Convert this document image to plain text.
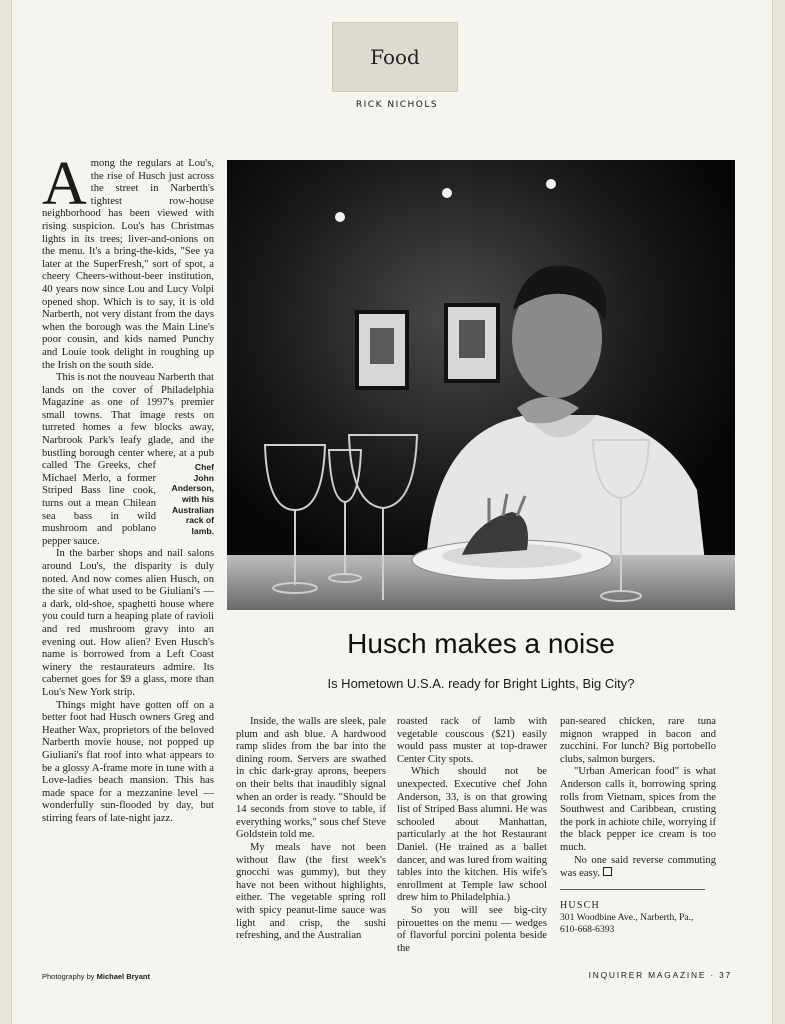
Food
RICK NICHOLS

Among the regulars at Lou's, the rise of Husch just across the street in Narberth's tightest row-house neighborhood has been viewed with rising suspicion. Lou's has Christmas lights in its trees; liver-and-onions on the menu. It's a bring-the-kids, "See ya later at the SuperFresh," sort of spot, a cheery Cheers-without-beer institution, 40 years now since Lou and Lucy Volpi opened shop. Which is to say, it is old Narberth, not very distant from the days when the borough was the Main Line's poor cousin, and kids named Punchy and Louie took delight in roughing up the Irish on the south side.

This is not the nouveau Narberth that lands on the cover of Philadelphia Magazine as one of 1997's premier small towns. That image rests on turreted homes a few blocks away, Narbrook Park's leafy glade, and the bustling borough center where, at a pub
Chef John Anderson, with his Australian rack of lamb.
called The Greeks, chef Michael Merlo, a former Striped Bass line cook, turns out a mean Chilean sea bass in wild mushroom and poblano pepper sauce.

In the barber shops and nail salons around Lou's, the disparity is duly noted. And now comes alien Husch, on the site of what used to be Giuliani's — a dark, old-shoe, spaghetti house where you could turn a heaping plate of ravioli and red mushroom gravy into an evening out. How alien? Even Husch's name is borrowed from a Left Coast winery the restaurateurs admire. Its cabernet goes for $9 a glass, more than Lou's New York strip.

Things might have gotten off on a better foot had Husch owners Greg and Heather Wax, proprietors of the beloved Narberth movie house, not popped up Giuliani's flat roof into what appears to be a glossy A-frame more in tune with a Love-ladies beach mansion. This has made space for a mezzanine level — wonderfully sun-flooded by day, but stirring fears of late-night jazz.

Husch makes a noise
Is Hometown U.S.A. ready for Bright Lights, Big City?

Inside, the walls are sleek, pale plum and ash blue. A hardwood ramp slides from the bar into the dining room. Servers are swathed in chic dark-gray aprons, beepers on their belts that inaudibly signal when an order is ready. "Should be 14 seconds from stove to table, if everything works," sous chef Steve Goldstein told me.

My meals have not been without flaw (the first week's gnocchi was gummy), but they have not been without highlights, either. The vegetable spring roll with spicy peanut-lime sauce was light and crisp, the sushi refreshing, and the Australian

roasted rack of lamb with vegetable couscous ($21) easily would pass muster at top-drawer Center City spots.

Which should not be unexpected. Executive chef John Anderson, 33, is on that growing list of Striped Bass alumni. He was schooled about Manhattan, particularly at the hot Restaurant Daniel. (He trained as a ballet dancer, and was lured from waiting tables into the kitchen. His wife's enrollment at Temple law school drew him to Philadelphia.)

So you will see big-city pirouettes on the menu — wedges of flavorful porcini polenta beside the

pan-seared chicken, rare tuna mignon wrapped in bacon and zucchini. For lunch? Big portobello clubs, salmon burgers.

"Urban American food" is what Anderson calls it, borrowing spring rolls from Vietnam, spices from the Southwest and Caribbean, crusting the pork in achiote chile, worrying if the black pepper ice cream is too much.

No one said reverse commuting was easy.

HUSCH
301 Woodbine Ave., Narberth, Pa.,
610-668-6393
Photography by Michael Bryant	INQUIRER MAGAZINE · 37
